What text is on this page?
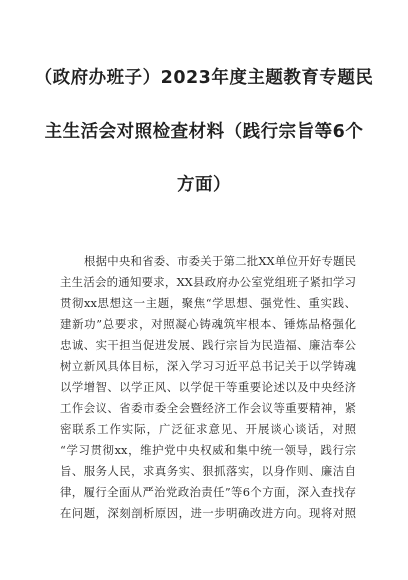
（政府办班子）2023年度主题教育专题民
主生活会对照检查材料（践行宗旨等6个
方面）
根据中央和省委、市委关于第二批XX单位开好专题民
主生活会的通知要求，XX县政府办公室党组班子紧扣学习
贯彻xx思想这一主题，聚焦“学思想、强党性、重实践、
建新功”总要求，对照凝心铸魂筑牢根本、锤炼品格强化
忠诚、实干担当促进发展、践行宗旨为民造福、廉洁奉公
树立新风具体目标，深入学习习近平总书记关于以学铸魂
以学增智、以学正风、以学促干等重要论述以及中央经济
工作会议、省委市委全会暨经济工作会议等重要精神，紧
密联系工作实际，广泛征求意见、开展谈心谈话，对照
“学习贯彻xx，维护党中央权威和集中统一领导，践行宗
旨、服务人民，求真务实、狠抓落实，以身作则、廉洁自
律，履行全面从严治党政治责任”等6个方面，深入查找存
在问题，深刻剖析原因，进一步明确改进方向。现将对照
